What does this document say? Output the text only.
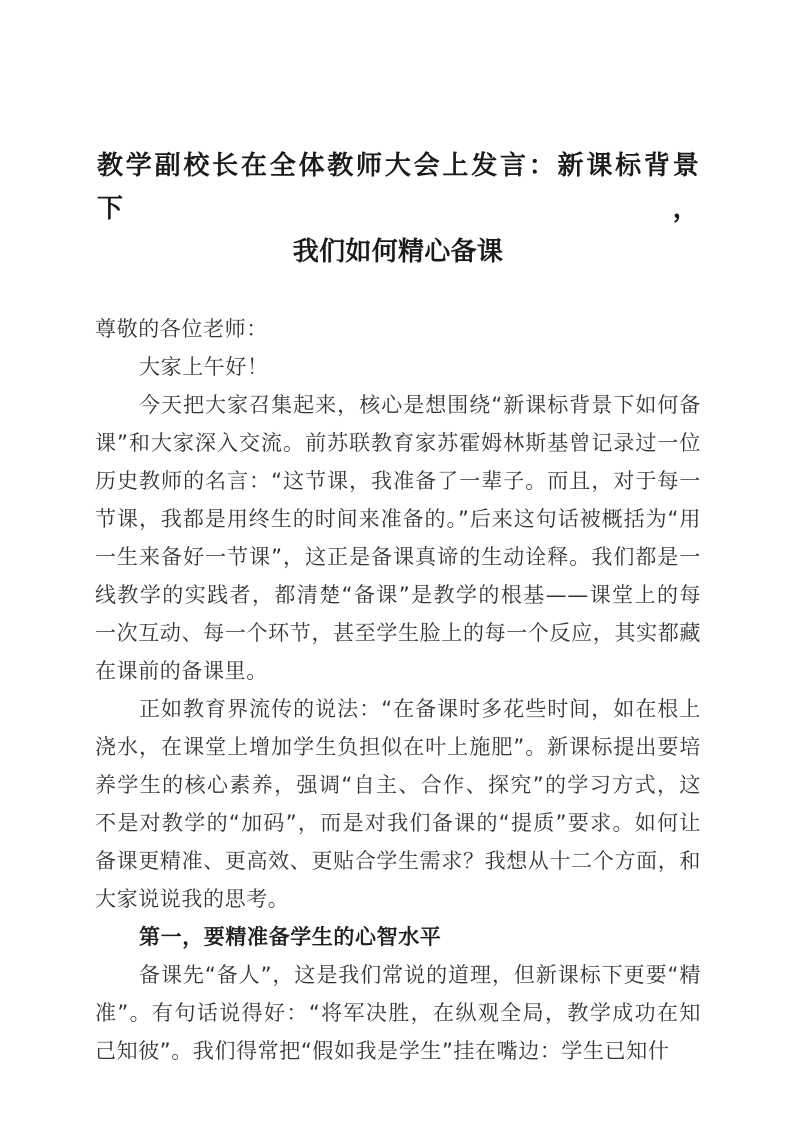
教学副校长在全体教师大会上发言：新课标背景下，
我们如何精心备课

尊敬的各位老师：

大家上午好！

今天把大家召集起来，核心是想围绕“新课标背景下如何备课”和大家深入交流。前苏联教育家苏霍姆林斯基曾记录过一位历史教师的名言：“这节课，我准备了一辈子。而且，对于每一节课，我都是用终生的时间来准备的。”后来这句话被概括为“用一生来备好一节课”，这正是备课真谛的生动诠释。我们都是一线教学的实践者，都清楚“备课”是教学的根基——课堂上的每一次互动、每一个环节，甚至学生脸上的每一个反应，其实都藏在课前的备课里。

正如教育界流传的说法：“在备课时多花些时间，如在根上浇水，在课堂上增加学生负担似在叶上施肥”。新课标提出要培养学生的核心素养，强调“自主、合作、探究”的学习方式，这不是对教学的“加码”，而是对我们备课的“提质”要求。如何让备课更精准、更高效、更贴合学生需求？我想从十二个方面，和大家说说我的思考。

第一，要精准备学生的心智水平

备课先“备人”，这是我们常说的道理，但新课标下更要“精准”。有句话说得好：“将军决胜，在纵观全局，教学成功在知己知彼”。我们得常把“假如我是学生”挂在嘴边：学生已知什
